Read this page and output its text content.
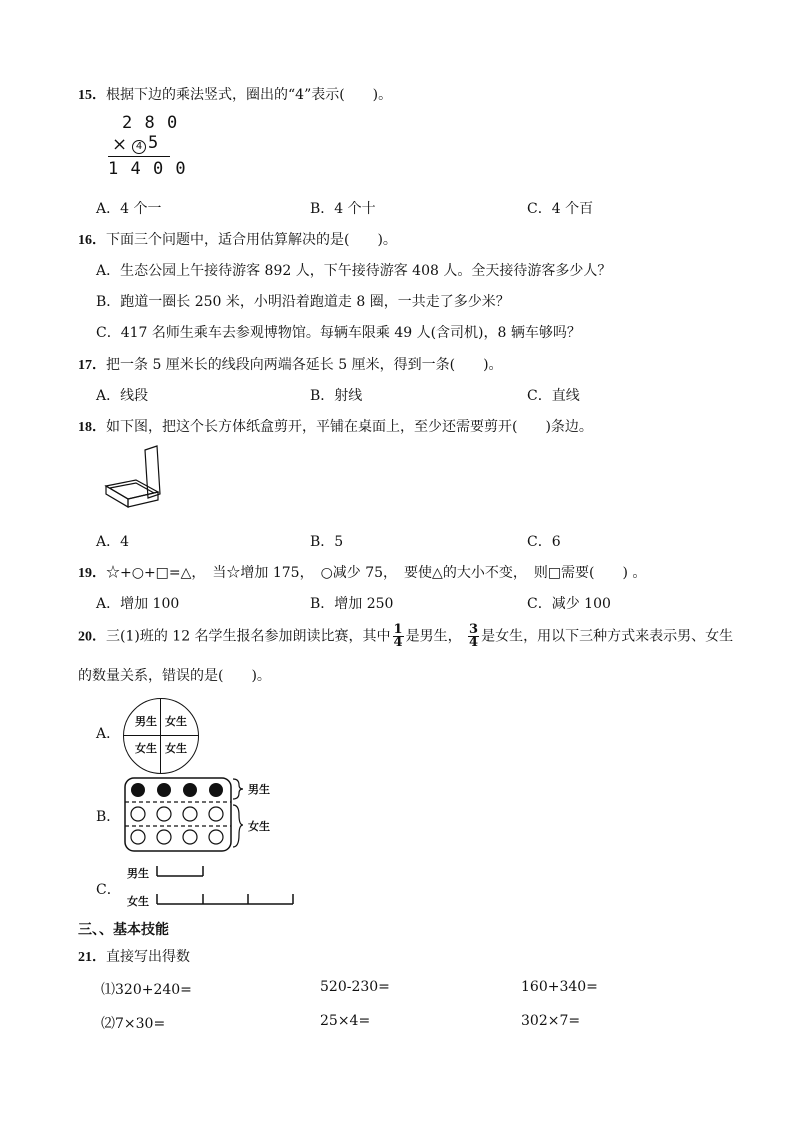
15．根据下边的乘法竖式，圈出的“4”表示(　　)。
2 8 0
× 4 5
1 4 0 0
A．4 个一	B．4 个十	C．4 个百
16．下面三个问题中，适合用估算解决的是(　　)。
A．生态公园上午接待游客 892 人，下午接待游客 408 人。全天接待游客多少人？
B．跑道一圈长 250 米，小明沿着跑道走 8 圈，一共走了多少米？
C．417 名师生乘车去参观博物馆。每辆车限乘 49 人(含司机)，8 辆车够吗？
17．把一条 5 厘米长的线段向两端各延长 5 厘米，得到一条(　　)。
A．线段	B．射线	C．直线
18．如下图，把这个长方体纸盒剪开，平铺在桌面上，至少还需要剪开(　　)条边。
A．4	B．5	C．6
19．☆+○+□=△，　当☆增加 175，　○减少 75，　要使△的大小不变，　则□需要(　　) 。
A．增加 100	B．增加 250	C．减少 100
20．三(1)班的 12 名学生报名参加朗读比赛，其中 $\frac{1}{4}$ 是男生， $\frac{3}{4}$ 是女生，用以下三种方式来表示男、女生
的数量关系，错误的是(　　)。
A．
男生 女生
女生 女生
B．
男生
女生
C．
男生
女生
三、、基本技能
21．直接写出得数
⑴320+240=	520-230=	160+340=
⑵7×30=	25×4=	302×7=
